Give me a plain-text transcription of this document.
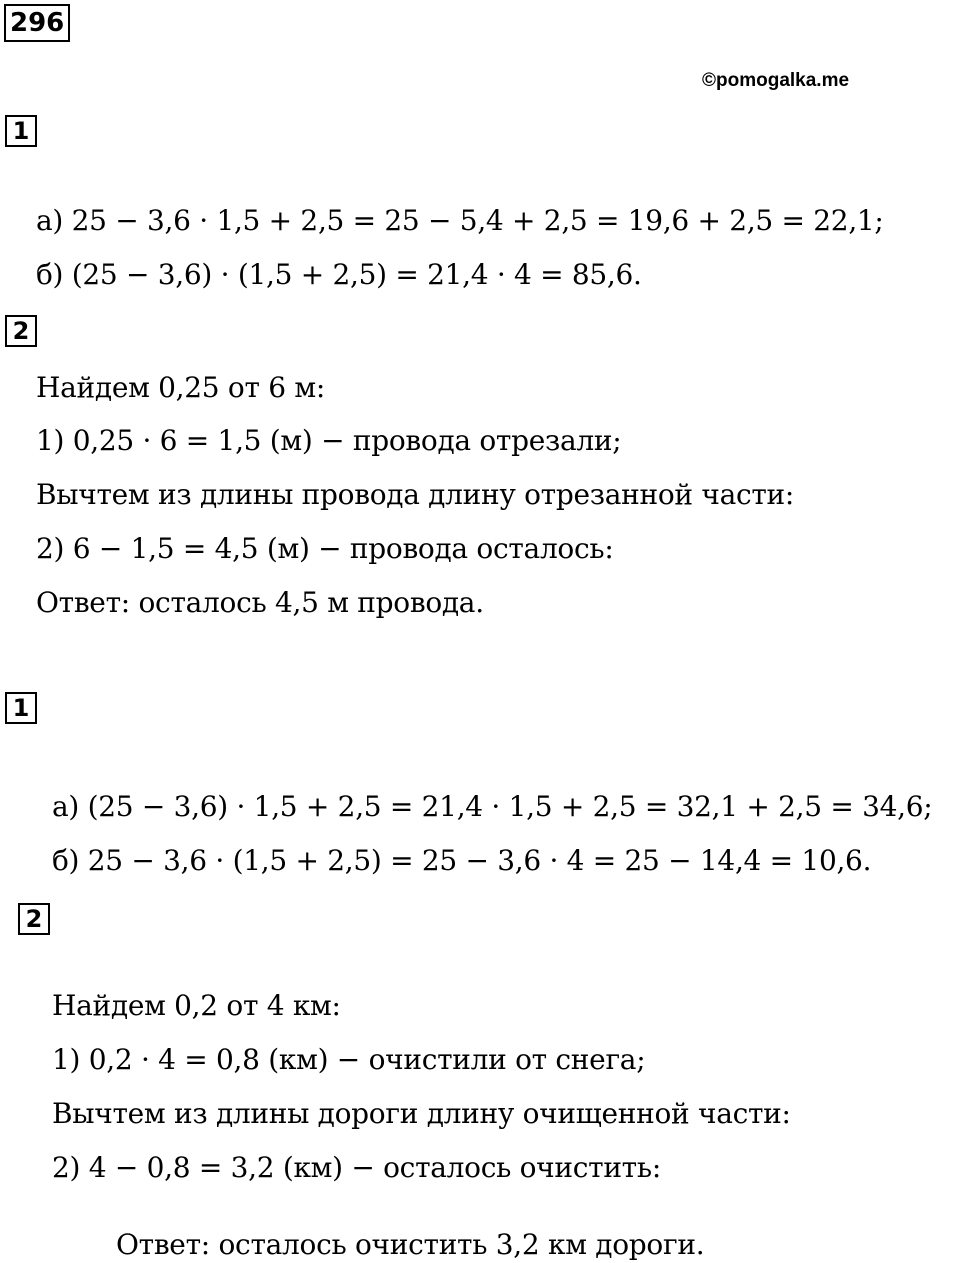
296
©pomogalka.me
1
а) 25 − 3,6 · 1,5 + 2,5 = 25 − 5,4 + 2,5 = 19,6 + 2,5 = 22,1;
б) (25 − 3,6) · (1,5 + 2,5) = 21,4 · 4 = 85,6.
2
Найдем 0,25 от 6 м:
1) 0,25 · 6 = 1,5 (м) − провода отрезали;
Вычтем из длины провода длину отрезанной части:
2) 6 − 1,5 = 4,5 (м) − провода осталось:
Ответ: осталось 4,5 м провода.
1
а) (25 − 3,6) · 1,5 + 2,5 = 21,4 · 1,5 + 2,5 = 32,1 + 2,5 = 34,6;
б) 25 − 3,6 · (1,5 + 2,5) = 25 − 3,6 · 4 = 25 − 14,4 = 10,6.
2
Найдем 0,2 от 4 км:
1) 0,2 · 4 = 0,8 (км) − очистили от снега;
Вычтем из длины дороги длину очищенной части:
2) 4 − 0,8 = 3,2 (км) − осталось очистить:
Ответ: осталось очистить 3,2 км дороги.
